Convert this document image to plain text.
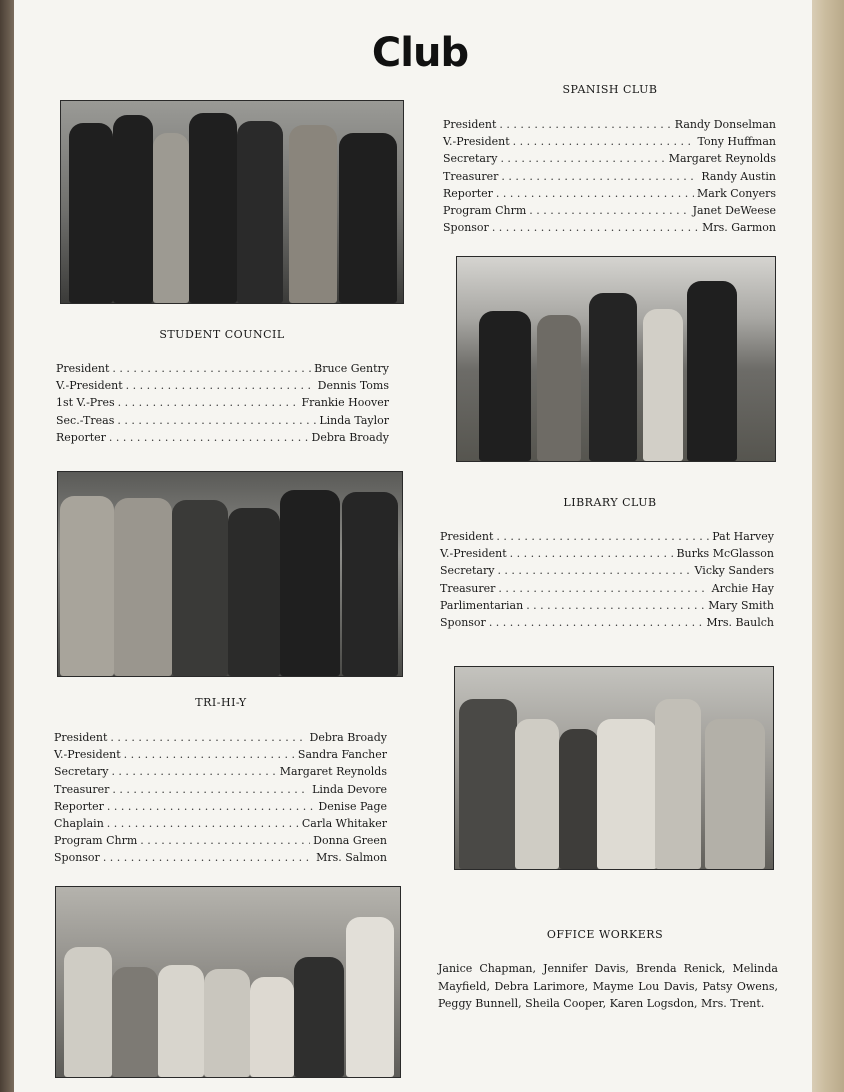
Club
STUDENT COUNCIL
President . . .	Bruce Gentry
V.-President . . .	Dennis Toms
1st V.-Pres . . .	Frankie Hoover
Sec.-Treas . . .	Linda Taylor
Reporter . . .	Debra Broady
TRI-HI-Y
President . . .	Debra Broady
V.-President . . .	Sandra Fancher
Secretary . . .	Margaret Reynolds
Treasurer . . .	Linda Devore
Reporter . . .	Denise Page
Chaplain . . .	Carla Whitaker
Program Chrm . . .	Donna Green
Sponsor . . .	Mrs. Salmon
SPANISH CLUB
President . . .	Randy Donselman
V.-President . . .	Tony Huffman
Secretary . . .	Margaret Reynolds
Treasurer . . .	Randy Austin
Reporter . . .	Mark Conyers
Program Chrm . . .	Janet DeWeese
Sponsor . . .	Mrs. Garmon
LIBRARY CLUB
President . . .	Pat Harvey
V.-President . . .	Burks McGlasson
Secretary . . .	Vicky Sanders
Treasurer . . .	Archie Hay
Parlimentarian . . .	Mary Smith
Sponsor . . .	Mrs. Baulch
OFFICE WORKERS
Janice Chapman, Jennifer Davis, Brenda Renick, Melinda Mayfield, Debra Larimore, Mayme Lou Davis, Patsy Owens, Peggy Bunnell, Sheila Cooper, Karen Logsdon, Mrs. Trent.
